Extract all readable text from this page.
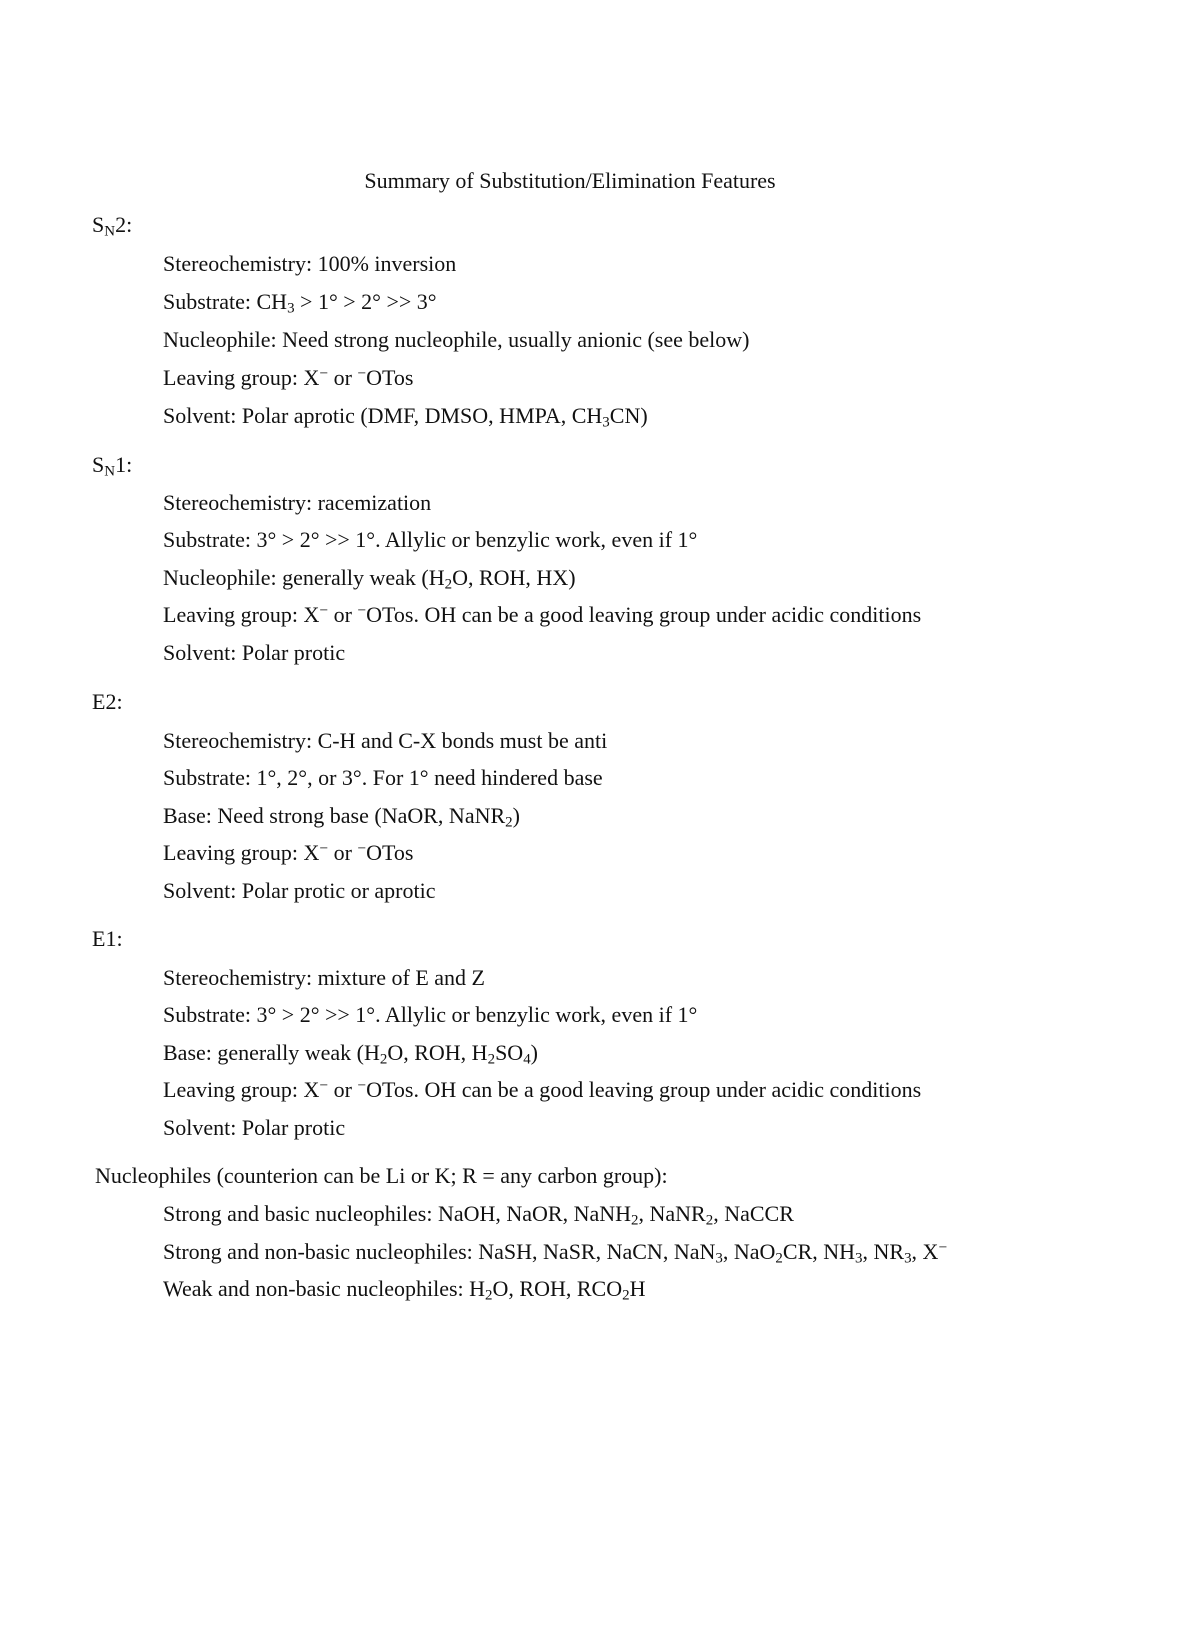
Summary of Substitution/Elimination Features
$S_N2$:
Stereochemistry: 100% inversion
Substrate: $CH_3 > 1^\circ > 2^\circ >> 3^\circ$
Nucleophile: Need strong nucleophile, usually anionic (see below)
Leaving group: X− or −OTos
Solvent: Polar aprotic (DMF, DMSO, HMPA, $CH_3CN$)
$S_N1$:
Stereochemistry: racemization
Substrate: 3° > 2° >> 1°. Allylic or benzylic work, even if 1°
Nucleophile: generally weak ($H_2O$, ROH, HX)
Leaving group: X− or −OTos. OH can be a good leaving group under acidic conditions
Solvent: Polar protic
E2:
Stereochemistry: C-H and C-X bonds must be anti
Substrate: 1°, 2°, or 3°. For 1° need hindered base
Base: Need strong base (NaOR, NaNR$_2$)
Leaving group: X− or −OTos
Solvent: Polar protic or aprotic
E1:
Stereochemistry: mixture of E and Z
Substrate: 3° > 2° >> 1°. Allylic or benzylic work, even if 1°
Base: generally weak ($H_2O$, ROH, $H_2SO_4$)
Leaving group: X− or −OTos. OH can be a good leaving group under acidic conditions
Solvent: Polar protic
Nucleophiles (counterion can be Li or K; R = any carbon group):
Strong and basic nucleophiles: NaOH, NaOR, NaNH$_2$, NaNR$_2$, NaCCR
Strong and non-basic nucleophiles: NaSH, NaSR, NaCN, NaN$_3$, NaO$_2$CR, $NH_3$, $NR_3$, X−
Weak and non-basic nucleophiles: $H_2O$, ROH, $RCO_2H$
